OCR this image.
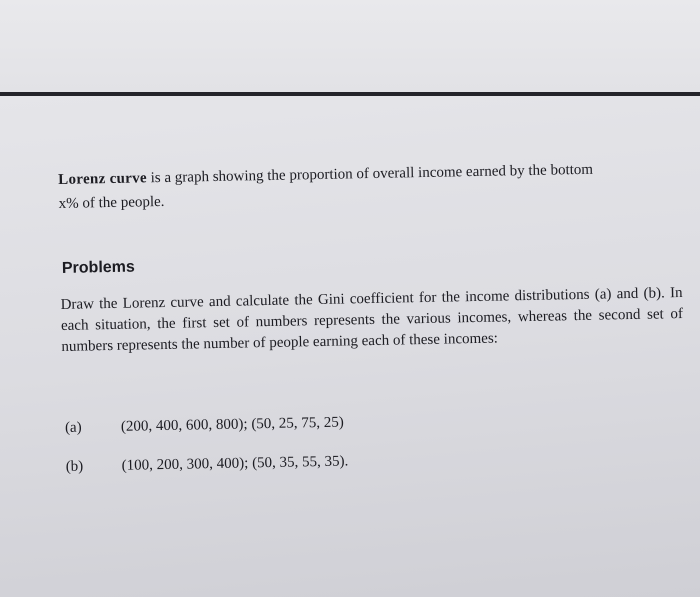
Lorenz curve is a graph showing the proportion of overall income earned by the bottom
x% of the people.

Problems

Draw the Lorenz curve and calculate the Gini coefficient for the income distributions (a) and (b). In each situation, the first set of numbers represents the various incomes, whereas the second set of numbers represents the number of people earning each of these incomes:

(a)	(200, 400, 600, 800); (50, 25, 75, 25)
(b)	(100, 200, 300, 400); (50, 35, 55, 35).
